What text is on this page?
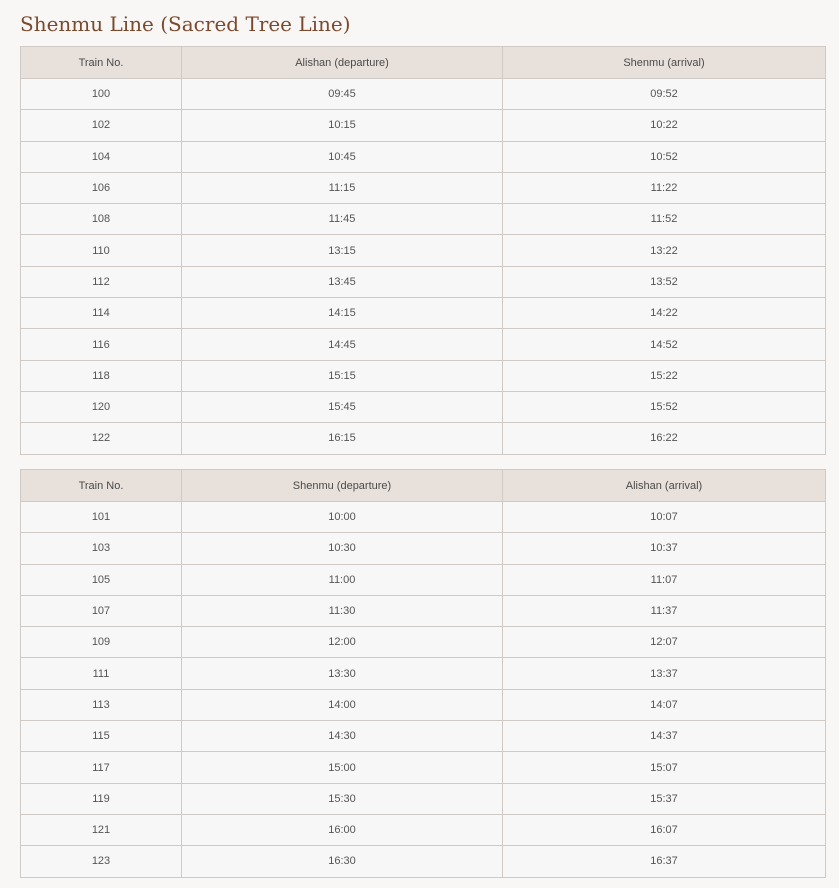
Shenmu Line (Sacred Tree Line)
Train No.	Alishan (departure)	Shenmu (arrival)
100	09:45	09:52
102	10:15	10:22
104	10:45	10:52
106	11:15	11:22
108	11:45	11:52
110	13:15	13:22
112	13:45	13:52
114	14:15	14:22
116	14:45	14:52
118	15:15	15:22
120	15:45	15:52
122	16:15	16:22
Train No.	Shenmu (departure)	Alishan (arrival)
101	10:00	10:07
103	10:30	10:37
105	11:00	11:07
107	11:30	11:37
109	12:00	12:07
111	13:30	13:37
113	14:00	14:07
115	14:30	14:37
117	15:00	15:07
119	15:30	15:37
121	16:00	16:07
123	16:30	16:37
